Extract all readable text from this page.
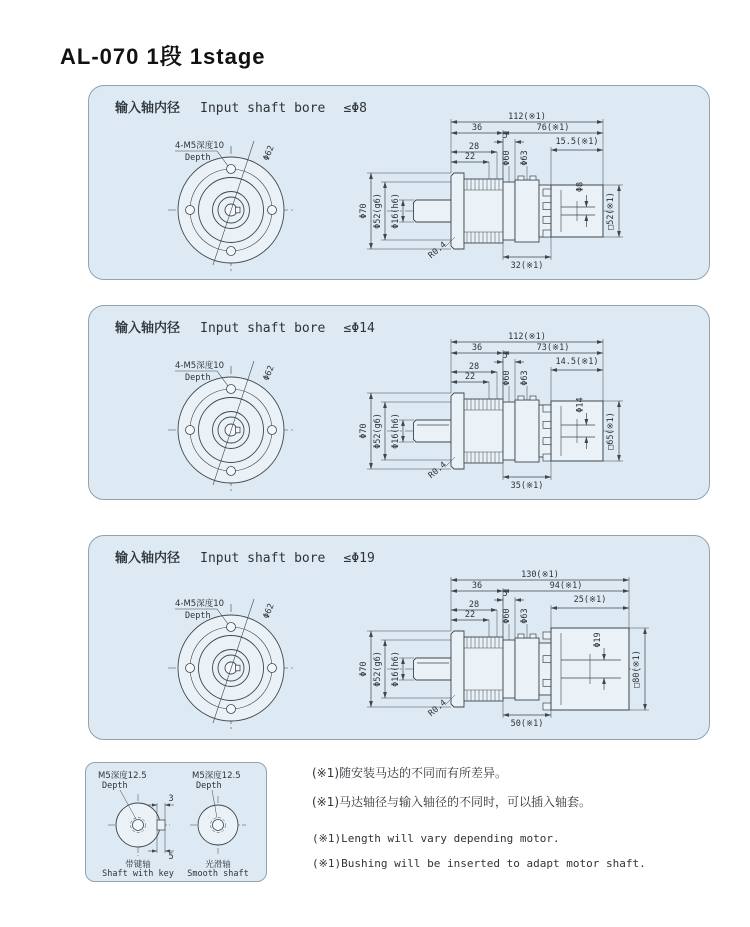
AL-070 1段 1stage
输入轴内径 Input shaft bore ≤Φ8
Φ62
4-M5深度10
Depth
Φ8
112(※1)
36	76(※1)
5
28
22
15.5(※1)
Φ60 Φ63
Φ70 Φ52(g6) Φ16(h6)	□52(※1)
32(※1)
R0.4
输入轴内径 Input shaft bore ≤Φ14
Φ62
4-M5深度10
Depth
Φ14
112(※1)
36	73(※1)
5
28
22
14.5(※1)
Φ60 Φ63
Φ70 Φ52(g6) Φ16(h6)	□65(※1)
35(※1)
R0.4
输入轴内径 Input shaft bore ≤Φ19
Φ62
4-M5深度10
Depth
Φ19
130(※1)
36	94(※1)
5
28
22
25(※1)
Φ60 Φ63
Φ70 Φ52(g6) Φ16(h6)	□80(※1)
50(※1)
R0.4
3
5
M5深度12.5
Depth
带键轴
Shaft with key
M5深度12.5
Depth
光滑轴
Smooth shaft

(※1)随安装马达的不同而有所差异。

(※1)马达轴径与输入轴径的不同时，可以插入轴套。

(※1)Length will vary depending motor.

(※1)Bushing will be inserted to adapt motor shaft.
